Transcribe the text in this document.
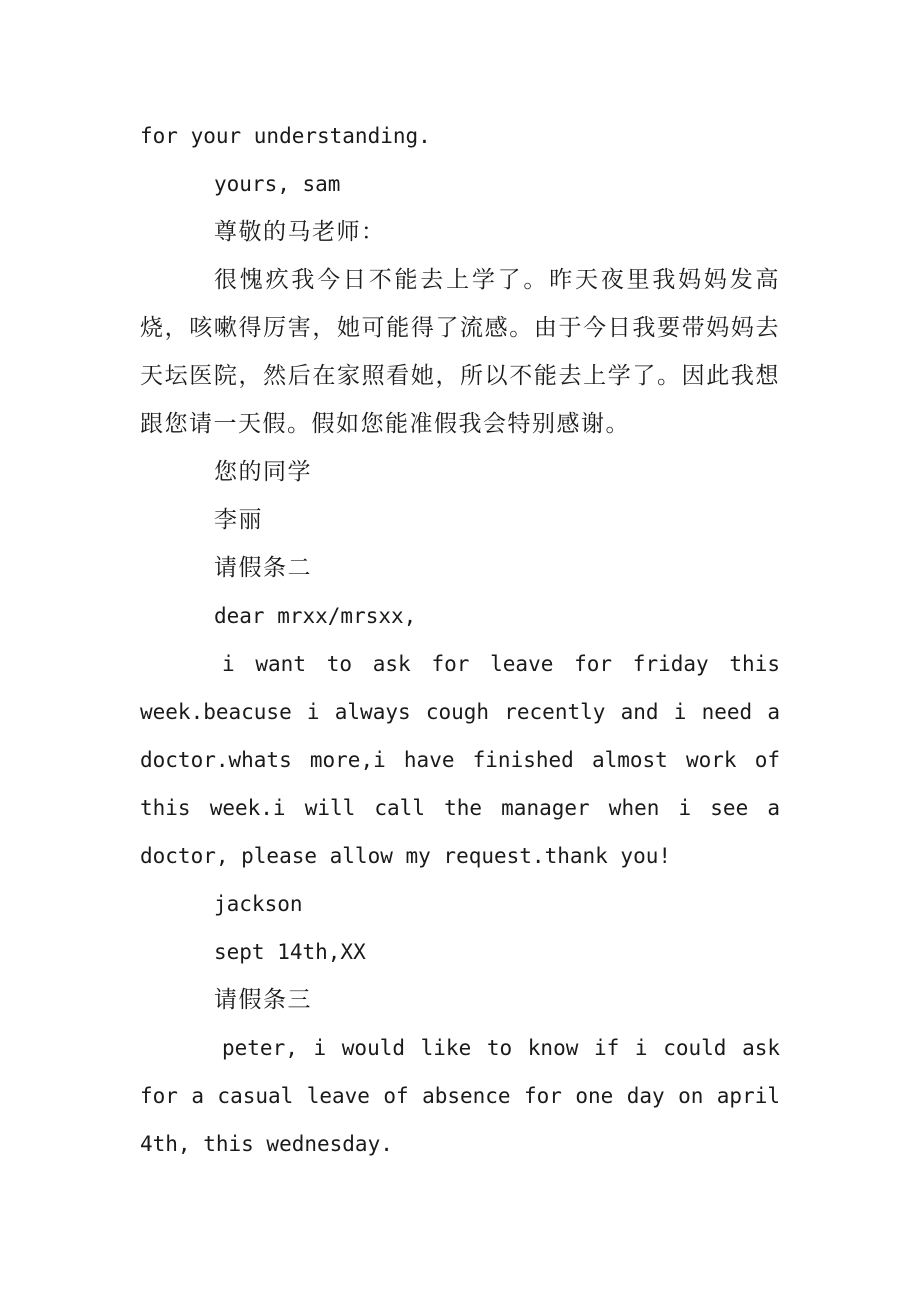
for your understanding.

yours, sam

尊敬的马老师：

很愧疚我今日不能去上学了。昨天夜里我妈妈发高烧，咳嗽得厉害，她可能得了流感。由于今日我要带妈妈去天坛医院，然后在家照看她，所以不能去上学了。因此我想跟您请一天假。假如您能准假我会特别感谢。

您的同学

李丽

请假条二

dear mrxx/mrsxx,

i want to ask for leave for friday this week.beacuse i always cough recently and i need a doctor.whats more,i have finished almost work of this week.i will call the manager when i see a doctor, please allow my request.thank you!

jackson

sept 14th,XX

请假条三

peter, i would like to know if i could ask for a casual leave of absence for one day on april 4th, this wednesday.
